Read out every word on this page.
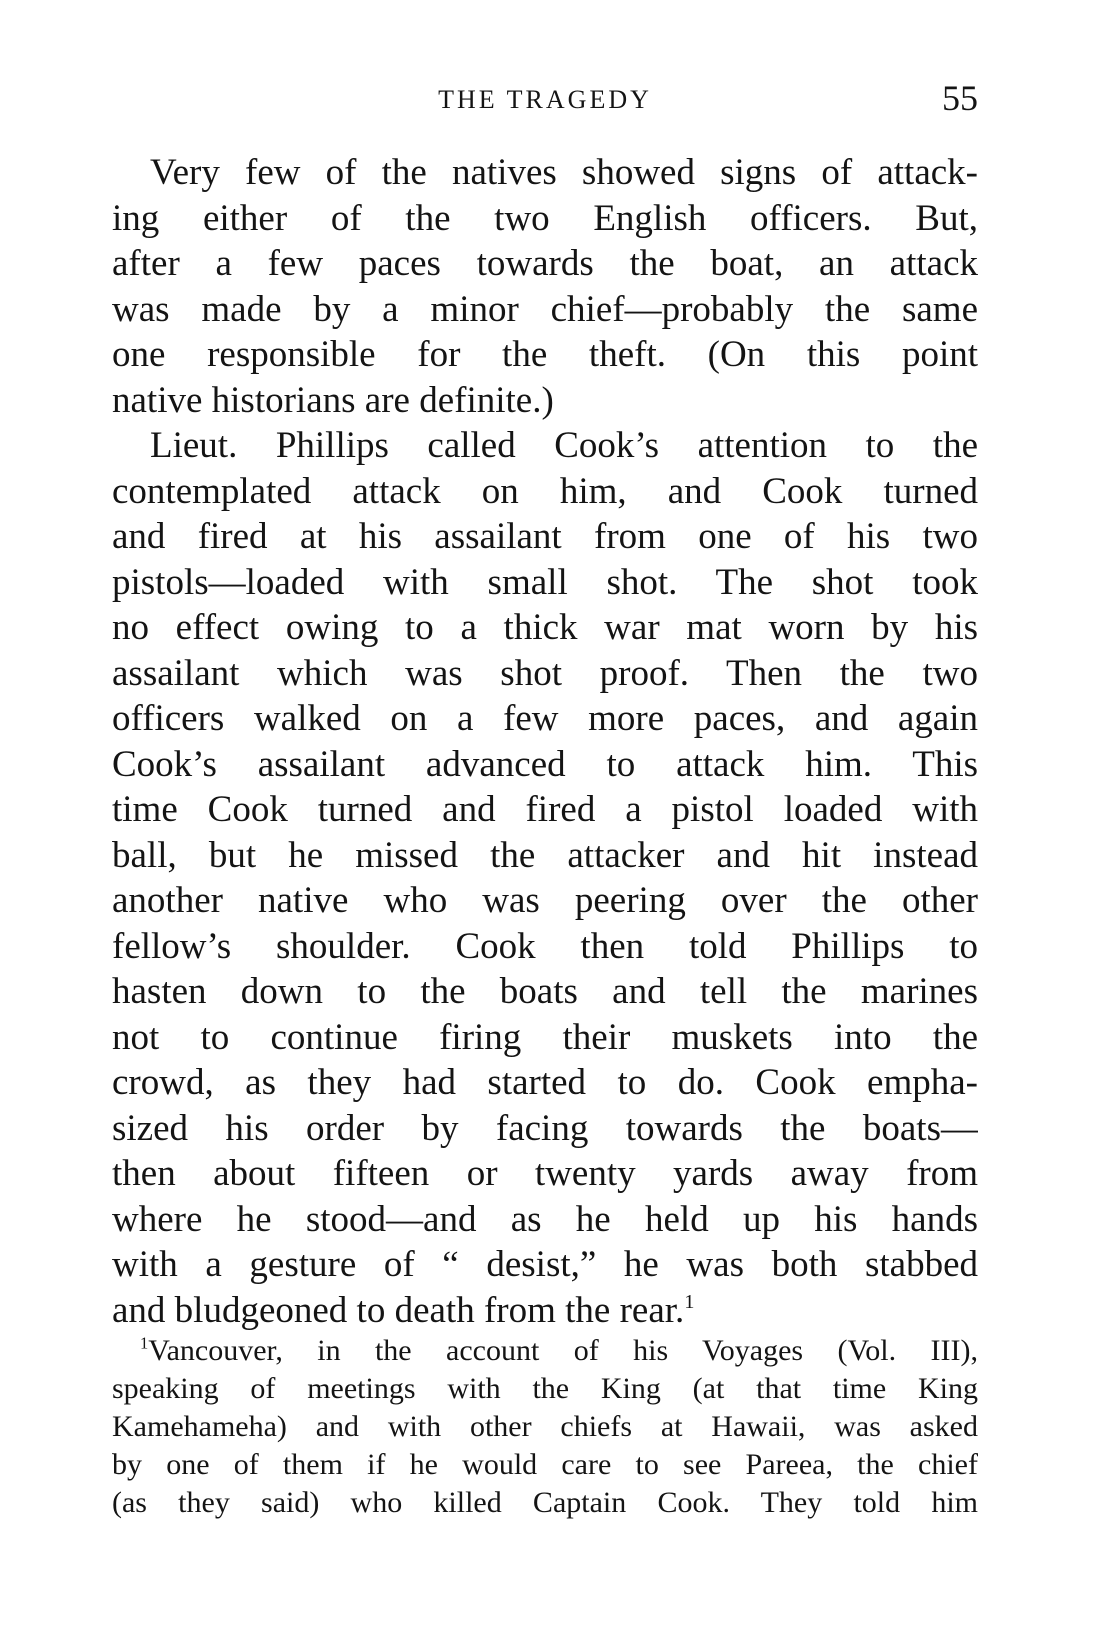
THE TRAGEDY	55
Very few of the natives showed signs of attack-
ing either of the two English officers. But,
after a few paces towards the boat, an attack
was made by a minor chief—probably the same
one responsible for the theft. (On this point
native historians are definite.)
Lieut. Phillips called Cook’s attention to the
contemplated attack on him, and Cook turned
and fired at his assailant from one of his two
pistols—loaded with small shot. The shot took
no effect owing to a thick war mat worn by his
assailant which was shot proof. Then the two
officers walked on a few more paces, and again
Cook’s assailant advanced to attack him. This
time Cook turned and fired a pistol loaded with
ball, but he missed the attacker and hit instead
another native who was peering over the other
fellow’s shoulder. Cook then told Phillips to
hasten down to the boats and tell the marines
not to continue firing their muskets into the
crowd, as they had started to do. Cook empha-
sized his order by facing towards the boats—
then about fifteen or twenty yards away from
where he stood—and as he held up his hands
with a gesture of “ desist,” he was both stabbed
and bludgeoned to death from the rear.$^1$
$^1$Vancouver, in the account of his Voyages (Vol. III),
speaking of meetings with the King (at that time King
Kamehameha) and with other chiefs at Hawaii, was asked
by one of them if he would care to see Pareea, the chief
(as they said) who killed Captain Cook. They told him
